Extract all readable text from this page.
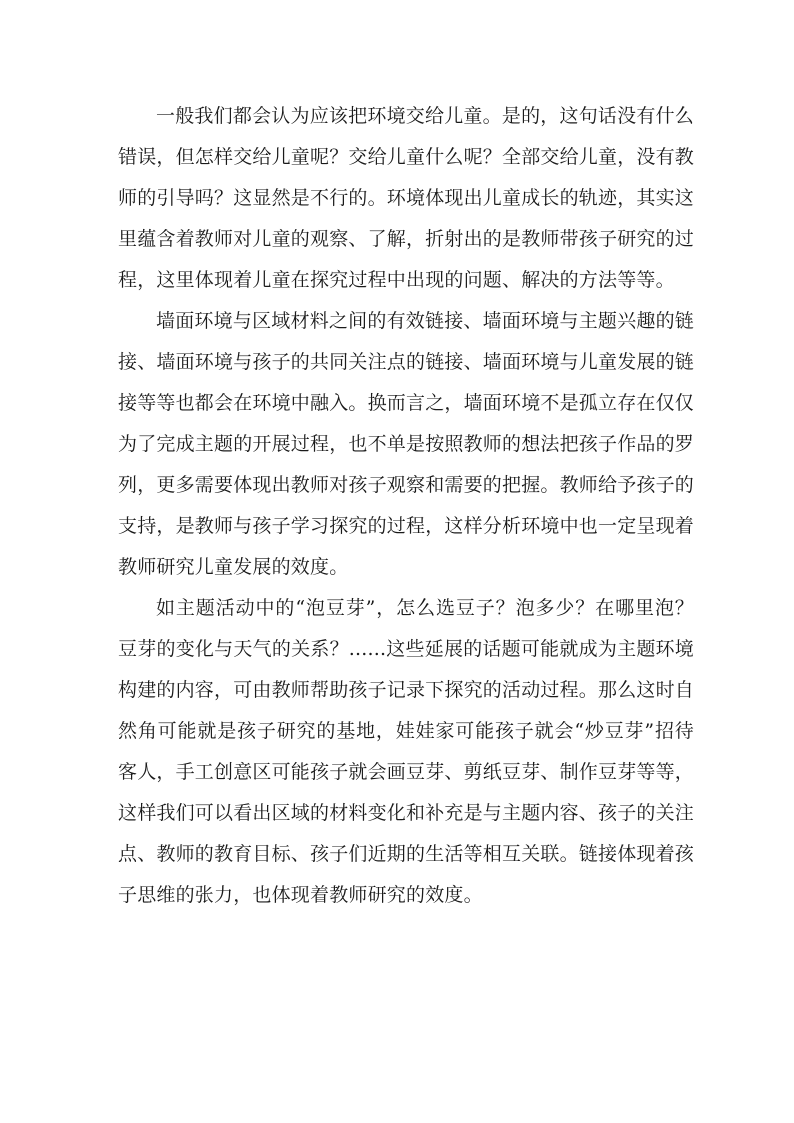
一般我们都会认为应该把环境交给儿童。是的，这句话没有什么错误，但怎样交给儿童呢？交给儿童什么呢？全部交给儿童，没有教师的引导吗？这显然是不行的。环境体现出儿童成长的轨迹，其实这里蕴含着教师对儿童的观察、了解，折射出的是教师带孩子研究的过程，这里体现着儿童在探究过程中出现的问题、解决的方法等等。

墙面环境与区域材料之间的有效链接、墙面环境与主题兴趣的链接、墙面环境与孩子的共同关注点的链接、墙面环境与儿童发展的链接等等也都会在环境中融入。换而言之，墙面环境不是孤立存在仅仅为了完成主题的开展过程，也不单是按照教师的想法把孩子作品的罗列，更多需要体现出教师对孩子观察和需要的把握。教师给予孩子的支持，是教师与孩子学习探究的过程，这样分析环境中也一定呈现着教师研究儿童发展的效度。

如主题活动中的“泡豆芽”，怎么选豆子？泡多少？在哪里泡？豆芽的变化与天气的关系？......这些延展的话题可能就成为主题环境构建的内容，可由教师帮助孩子记录下探究的活动过程。那么这时自然角可能就是孩子研究的基地，娃娃家可能孩子就会“炒豆芽”招待客人，手工创意区可能孩子就会画豆芽、剪纸豆芽、制作豆芽等等，这样我们可以看出区域的材料变化和补充是与主题内容、孩子的关注点、教师的教育目标、孩子们近期的生活等相互关联。链接体现着孩子思维的张力，也体现着教师研究的效度。
